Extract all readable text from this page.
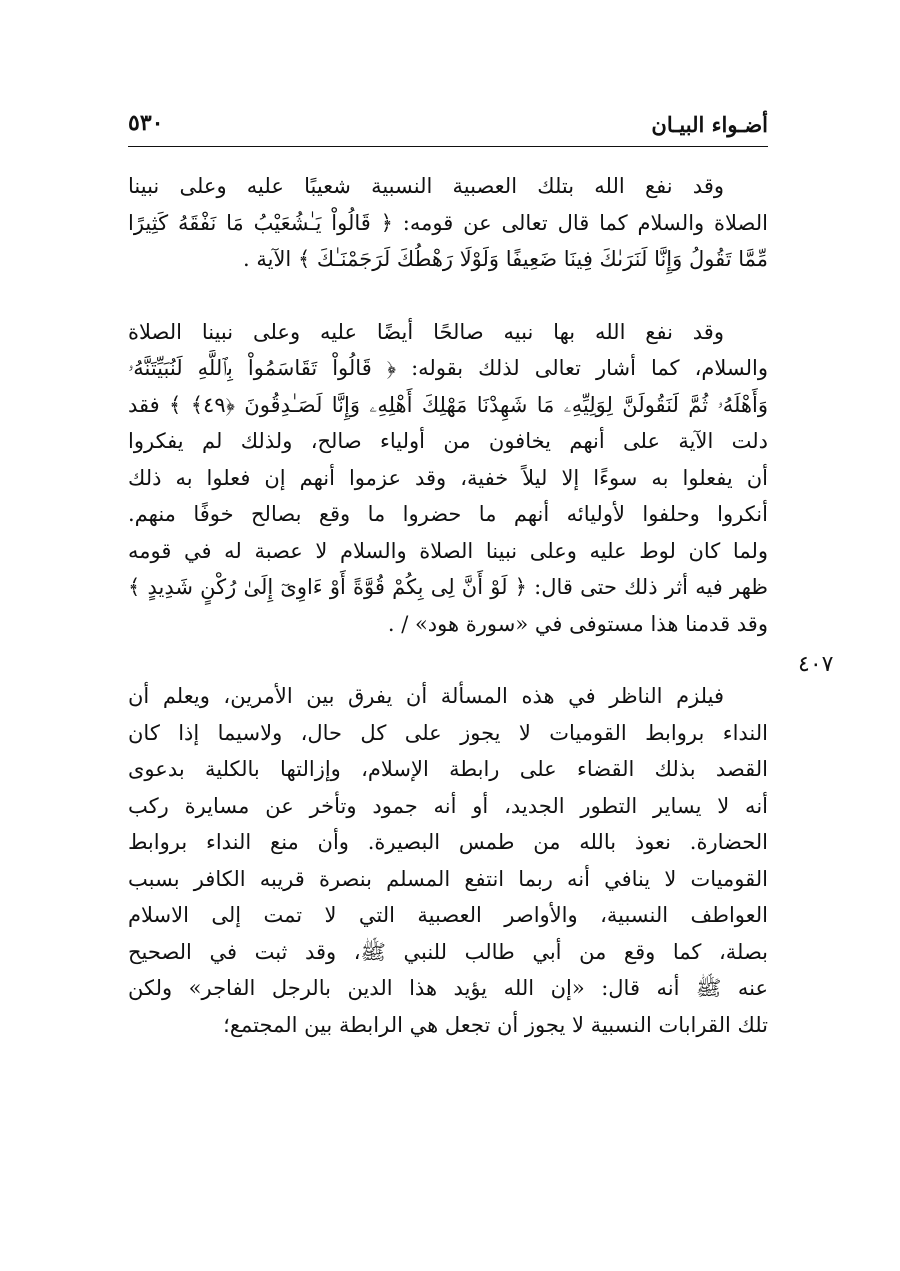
أضـواء البيـان
٥٣٠
٤٠٧
وقد نفع الله بتلك العصبية النسبية شعيبًا عليه وعلى نبينا
الصلاة والسلام كما قال تعالى عن قومه: ﴿ قَالُواْ يَـٰشُعَيْبُ مَا نَفْقَهُ كَثِيرًا
مِّمَّا تَقُولُ وَإِنَّا لَنَرَىٰكَ فِينَا ضَعِيفًا وَلَوْلَا رَهْطُكَ لَرَجَمْنَـٰكَ ﴾ الآية .
وقد نفع الله بها نبيه صالحًا أيضًا عليه وعلى نبينا الصلاة
والسلام، كما أشار تعالى لذلك بقوله: ﴿ قَالُواْ تَقَاسَمُواْ بِٱللَّهِ لَنُبَيِّتَنَّهُۥ
وَأَهْلَهُۥ ثُمَّ لَنَقُولَنَّ لِوَلِيِّهِۦ مَا شَهِدْنَا مَهْلِكَ أَهْلِهِۦ وَإِنَّا لَصَـٰدِقُونَ ﴿٤٩﴾ ﴾ فقد
دلت الآية على أنهم يخافون من أولياء صالح، ولذلك لم يفكروا
أن يفعلوا به سوءًا إلا ليلاً خفية، وقد عزموا أنهم إن فعلوا به ذلك
أنكروا وحلفوا لأوليائه أنهم ما حضروا ما وقع بصالح خوفًا منهم.
ولما كان لوط عليه وعلى نبينا الصلاة والسلام لا عصبة له في قومه
ظهر فيه أثر ذلك حتى قال: ﴿ لَوْ أَنَّ لِى بِكُمْ قُوَّةً أَوْ ءَاوِىٓ إِلَىٰ رُكْنٍ شَدِيدٍ ﴾
وقد قدمنا هذا مستوفى في «سورة هود» / .
فيلزم الناظر في هذه المسألة أن يفرق بين الأمرين، ويعلم أن
النداء بروابط القوميات لا يجوز على كل حال، ولاسيما إذا كان
القصد بذلك القضاء على رابطة الإسلام، وإزالتها بالكلية بدعوى
أنه لا يساير التطور الجديد، أو أنه جمود وتأخر عن مسايرة ركب
الحضارة. نعوذ بالله من طمس البصيرة. وأن منع النداء بروابط
القوميات لا ينافي أنه ربما انتفع المسلم بنصرة قريبه الكافر بسبب
العواطف النسبية، والأواصر العصبية التي لا تمت إلى الاسلام
بصلة، كما وقع من أبي طالب للنبي ﷺ، وقد ثبت في الصحيح
عنه ﷺ أنه قال: «إن الله يؤيد هذا الدين بالرجل الفاجر» ولكن
تلك القرابات النسبية لا يجوز أن تجعل هي الرابطة بين المجتمع؛
